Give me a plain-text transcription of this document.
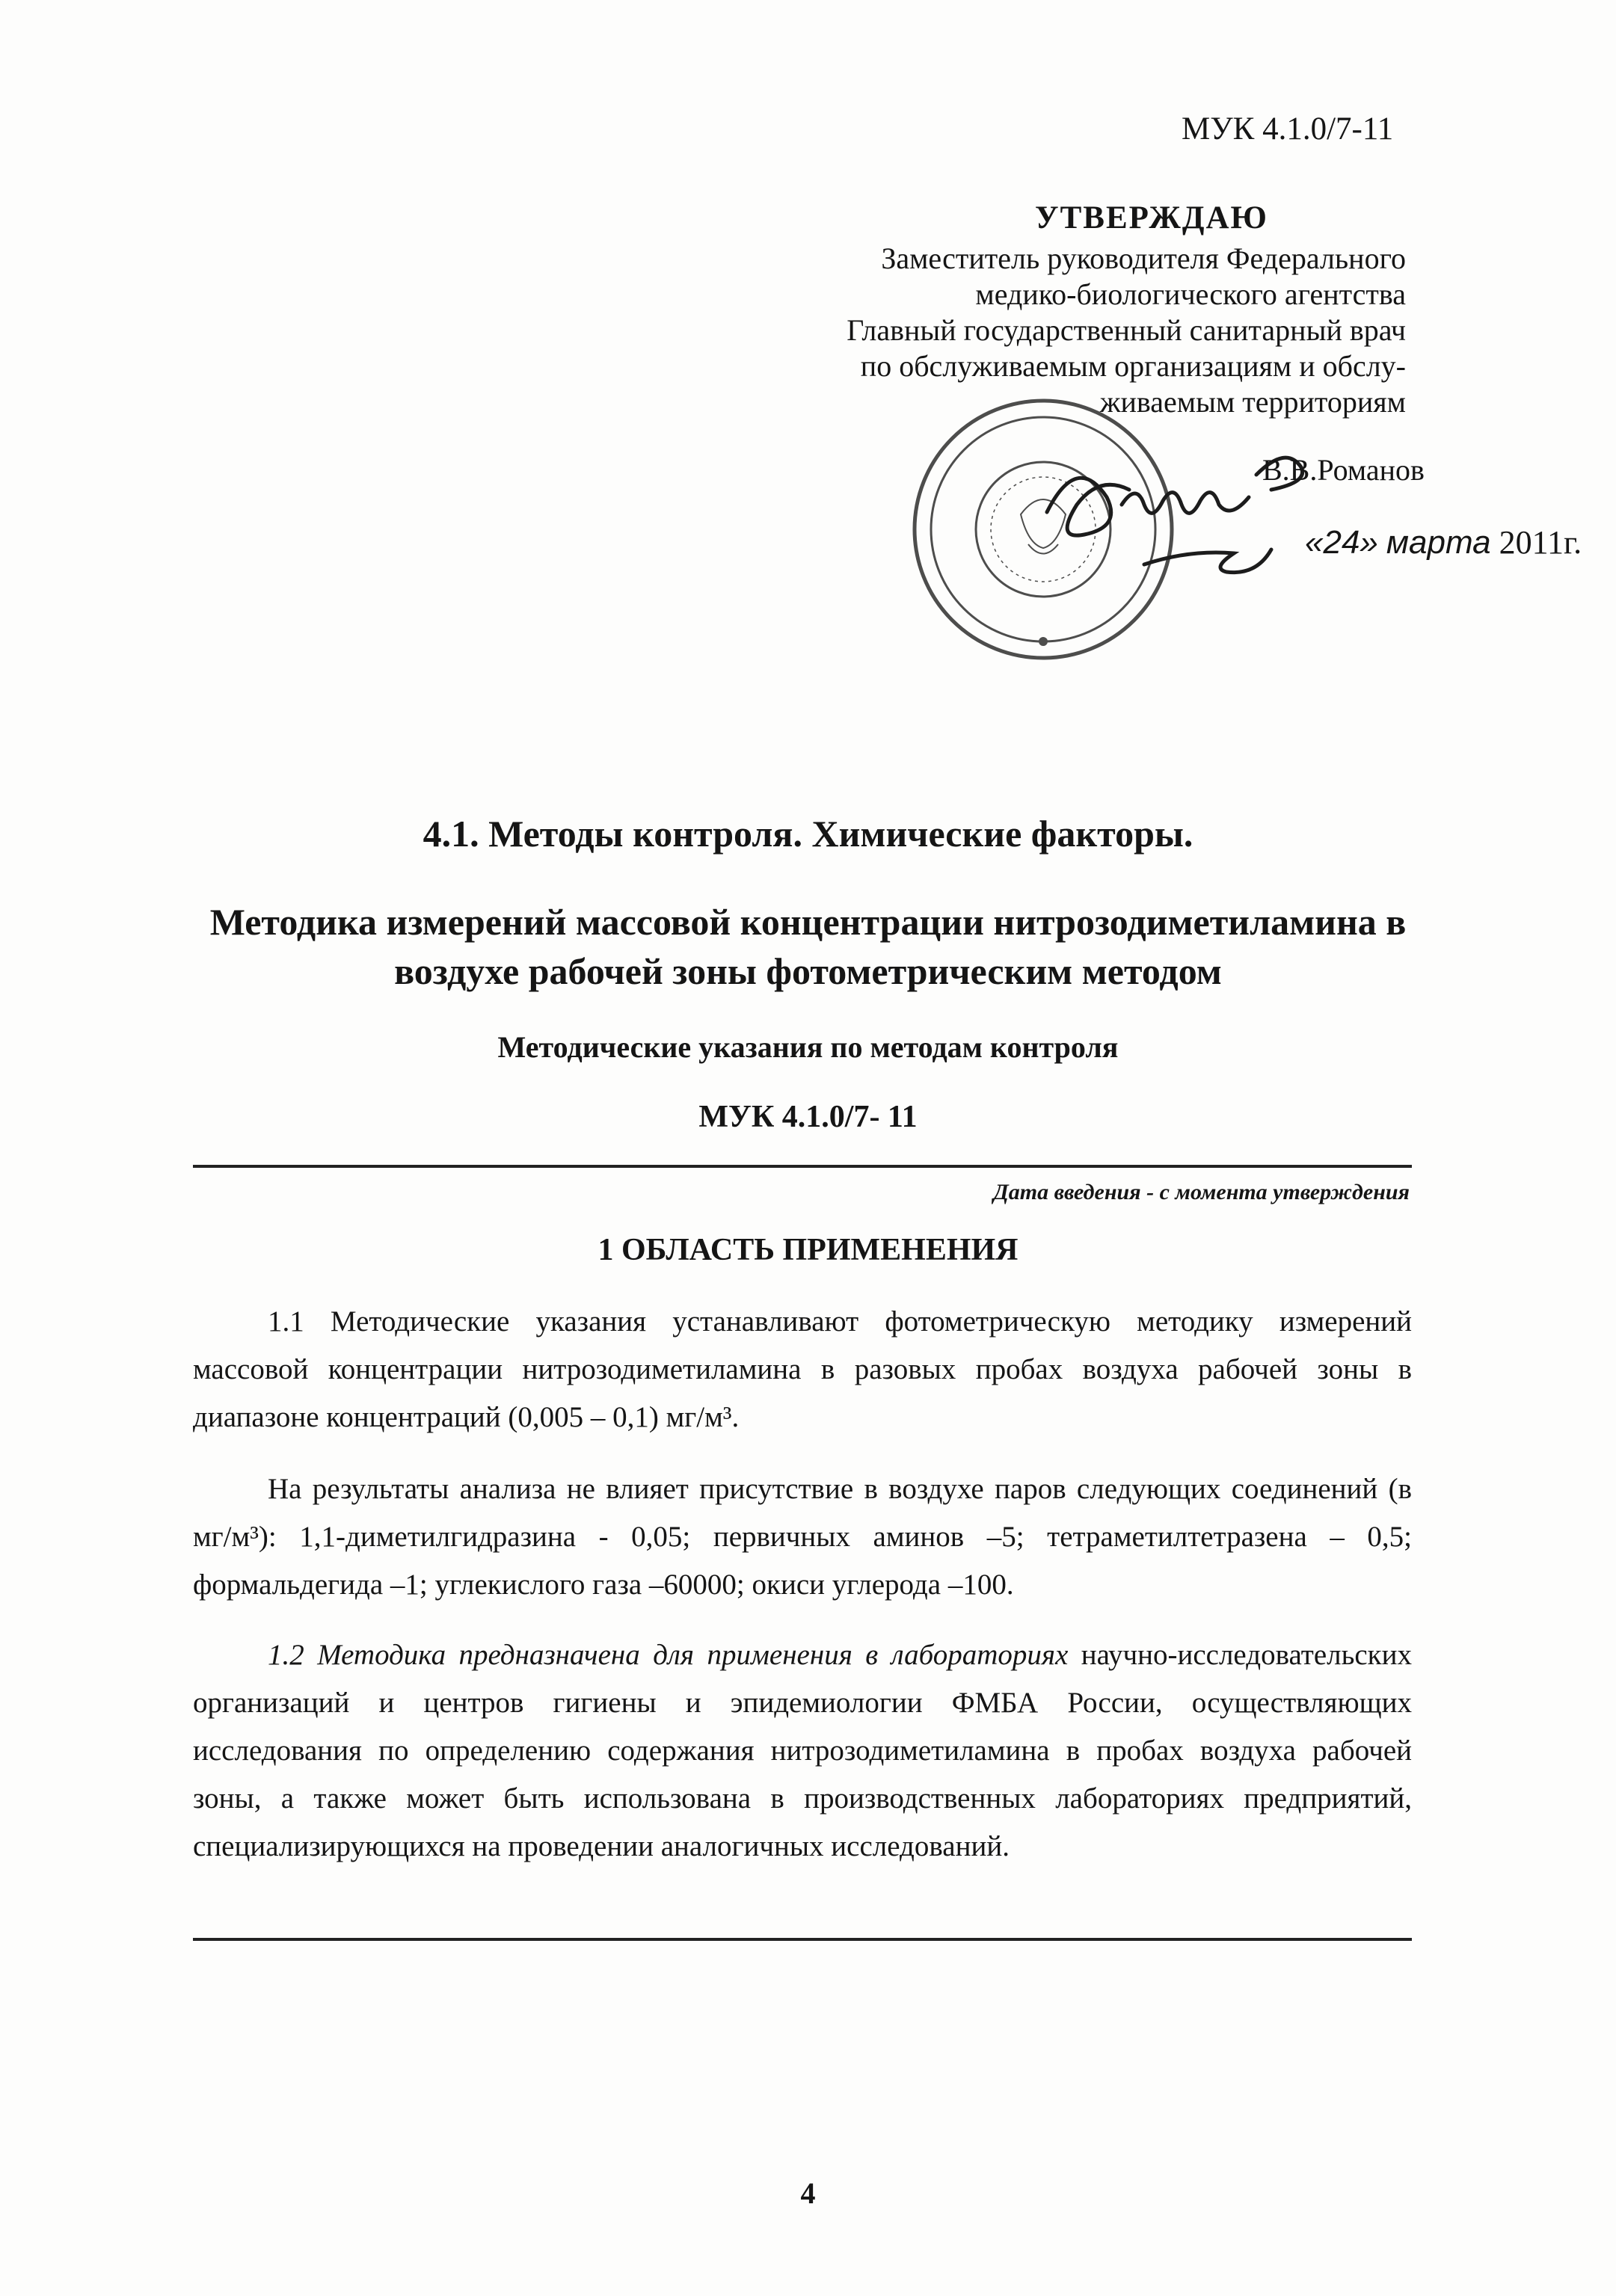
МУК 4.1.0/7-11
УТВЕРЖДАЮ
Заместитель руководителя Федерального
медико-биологического агентства
Главный государственный санитарный врач
по обслуживаемым организациям и обслу-
живаемым территориям
В.В.Романов
«24» марта 2011г.
4.1. Методы контроля. Химические факторы.
Методика измерений массовой концентрации нитрозодиметиламина в
воздухе рабочей зоны фотометрическим методом
Методические указания по методам контроля
МУК 4.1.0/7- 11
Дата введения - с момента утверждения
1 ОБЛАСТЬ ПРИМЕНЕНИЯ

1.1 Методические указания устанавливают фотометрическую методику измерений массовой концентрации нитрозодиметиламина в разовых пробах воздуха рабочей зоны в диапазоне концентраций (0,005 – 0,1) мг/м³.

На результаты анализа не влияет присутствие в воздухе паров следующих соединений (в мг/м³): 1,1-диметилгидразина - 0,05; первичных аминов –5; тетраметилтетразена – 0,5; формальдегида –1; углекислого газа –60000; окиси углерода –100.

1.2 Методика предназначена для применения в лабораториях научно-исследовательских организаций и центров гигиены и эпидемиологии ФМБА России, осуществляющих исследования по определению содержания нитрозодиметиламина в пробах воздуха рабочей зоны, а также может быть использована в производственных лабораториях предприятий, специализирующихся на проведении аналогичных исследований.

4
